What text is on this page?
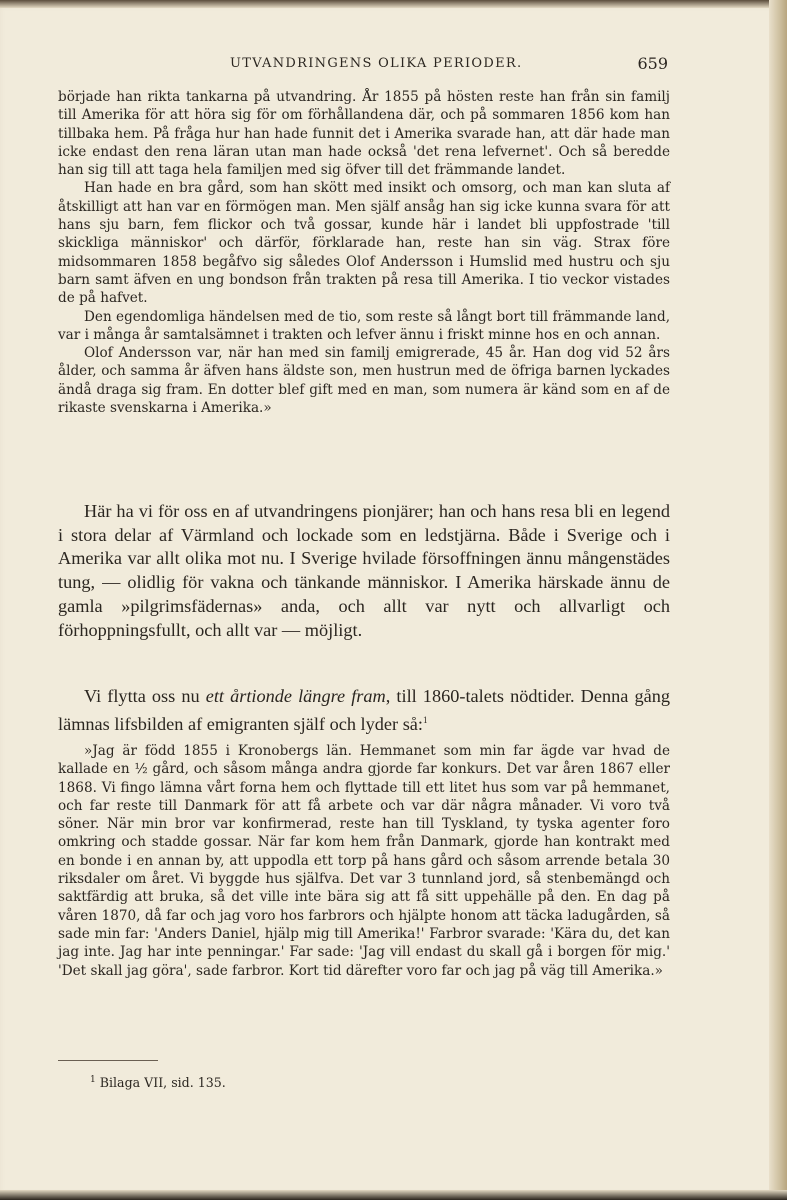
UTVANDRINGENS OLIKA PERIODER.	659

började han rikta tankarna på utvandring. År 1855 på hösten reste han från sin familj till Amerika för att höra sig för om förhållandena där, och på sommaren 1856 kom han tillbaka hem. På fråga hur han hade funnit det i Amerika svarade han, att där hade man icke endast den rena läran utan man hade också 'det rena lefvernet'. Och så beredde han sig till att taga hela familjen med sig öfver till det främmande landet.

Han hade en bra gård, som han skött med insikt och omsorg, och man kan sluta af åtskilligt att han var en förmögen man. Men själf ansåg han sig icke kunna svara för att hans sju barn, fem flickor och två gossar, kunde här i landet bli uppfostrade 'till skickliga människor' och därför, förklarade han, reste han sin väg. Strax före midsommaren 1858 begåfvo sig således Olof Andersson i Humslid med hustru och sju barn samt äfven en ung bondson från trakten på resa till Amerika. I tio veckor vistades de på hafvet.

Den egendomliga händelsen med de tio, som reste så långt bort till främmande land, var i många år samtalsämnet i trakten och lefver ännu i friskt minne hos en och annan.

Olof Andersson var, när han med sin familj emigrerade, 45 år. Han dog vid 52 års ålder, och samma år äfven hans äldste son, men hustrun med de öfriga barnen lyckades ändå draga sig fram. En dotter blef gift med en man, som numera är känd som en af de rikaste svenskarna i Amerika.»

Här ha vi för oss en af utvandringens pionjärer; han och hans resa bli en legend i stora delar af Värmland och lockade som en ledstjärna. Både i Sverige och i Amerika var allt olika mot nu. I Sverige hvilade försoffningen ännu mångenstädes tung, — olidlig för vakna och tänkande människor. I Amerika härskade ännu de gamla »pilgrimsfädernas» anda, och allt var nytt och allvarligt och förhoppningsfullt, och allt var — möjligt.

Vi flytta oss nu ett årtionde längre fram, till 1860-talets nödtider. Denna gång lämnas lifsbilden af emigranten själf och lyder så:$^1$

»Jag är född 1855 i Kronobergs län. Hemmanet som min far ägde var hvad de kallade en ½ gård, och såsom många andra gjorde far konkurs. Det var åren 1867 eller 1868. Vi fingo lämna vårt forna hem och flyttade till ett litet hus som var på hemmanet, och far reste till Danmark för att få arbete och var där några månader. Vi voro två söner. När min bror var konfirmerad, reste han till Tyskland, ty tyska agenter foro omkring och stadde gossar. När far kom hem från Danmark, gjorde han kontrakt med en bonde i en annan by, att uppodla ett torp på hans gård och såsom arrende betala 30 riksdaler om året. Vi byggde hus själfva. Det var 3 tunnland jord, så stenbemängd och saktfärdig att bruka, så det ville inte bära sig att få sitt uppehälle på den. En dag på våren 1870, då far och jag voro hos farbrors och hjälpte honom att täcka ladugården, så sade min far: 'Anders Daniel, hjälp mig till Amerika!' Farbror svarade: 'Kära du, det kan jag inte. Jag har inte penningar.' Far sade: 'Jag vill endast du skall gå i borgen för mig.' 'Det skall jag göra', sade farbror. Kort tid därefter voro far och jag på väg till Amerika.»

$^1$ Bilaga VII, sid. 135.
